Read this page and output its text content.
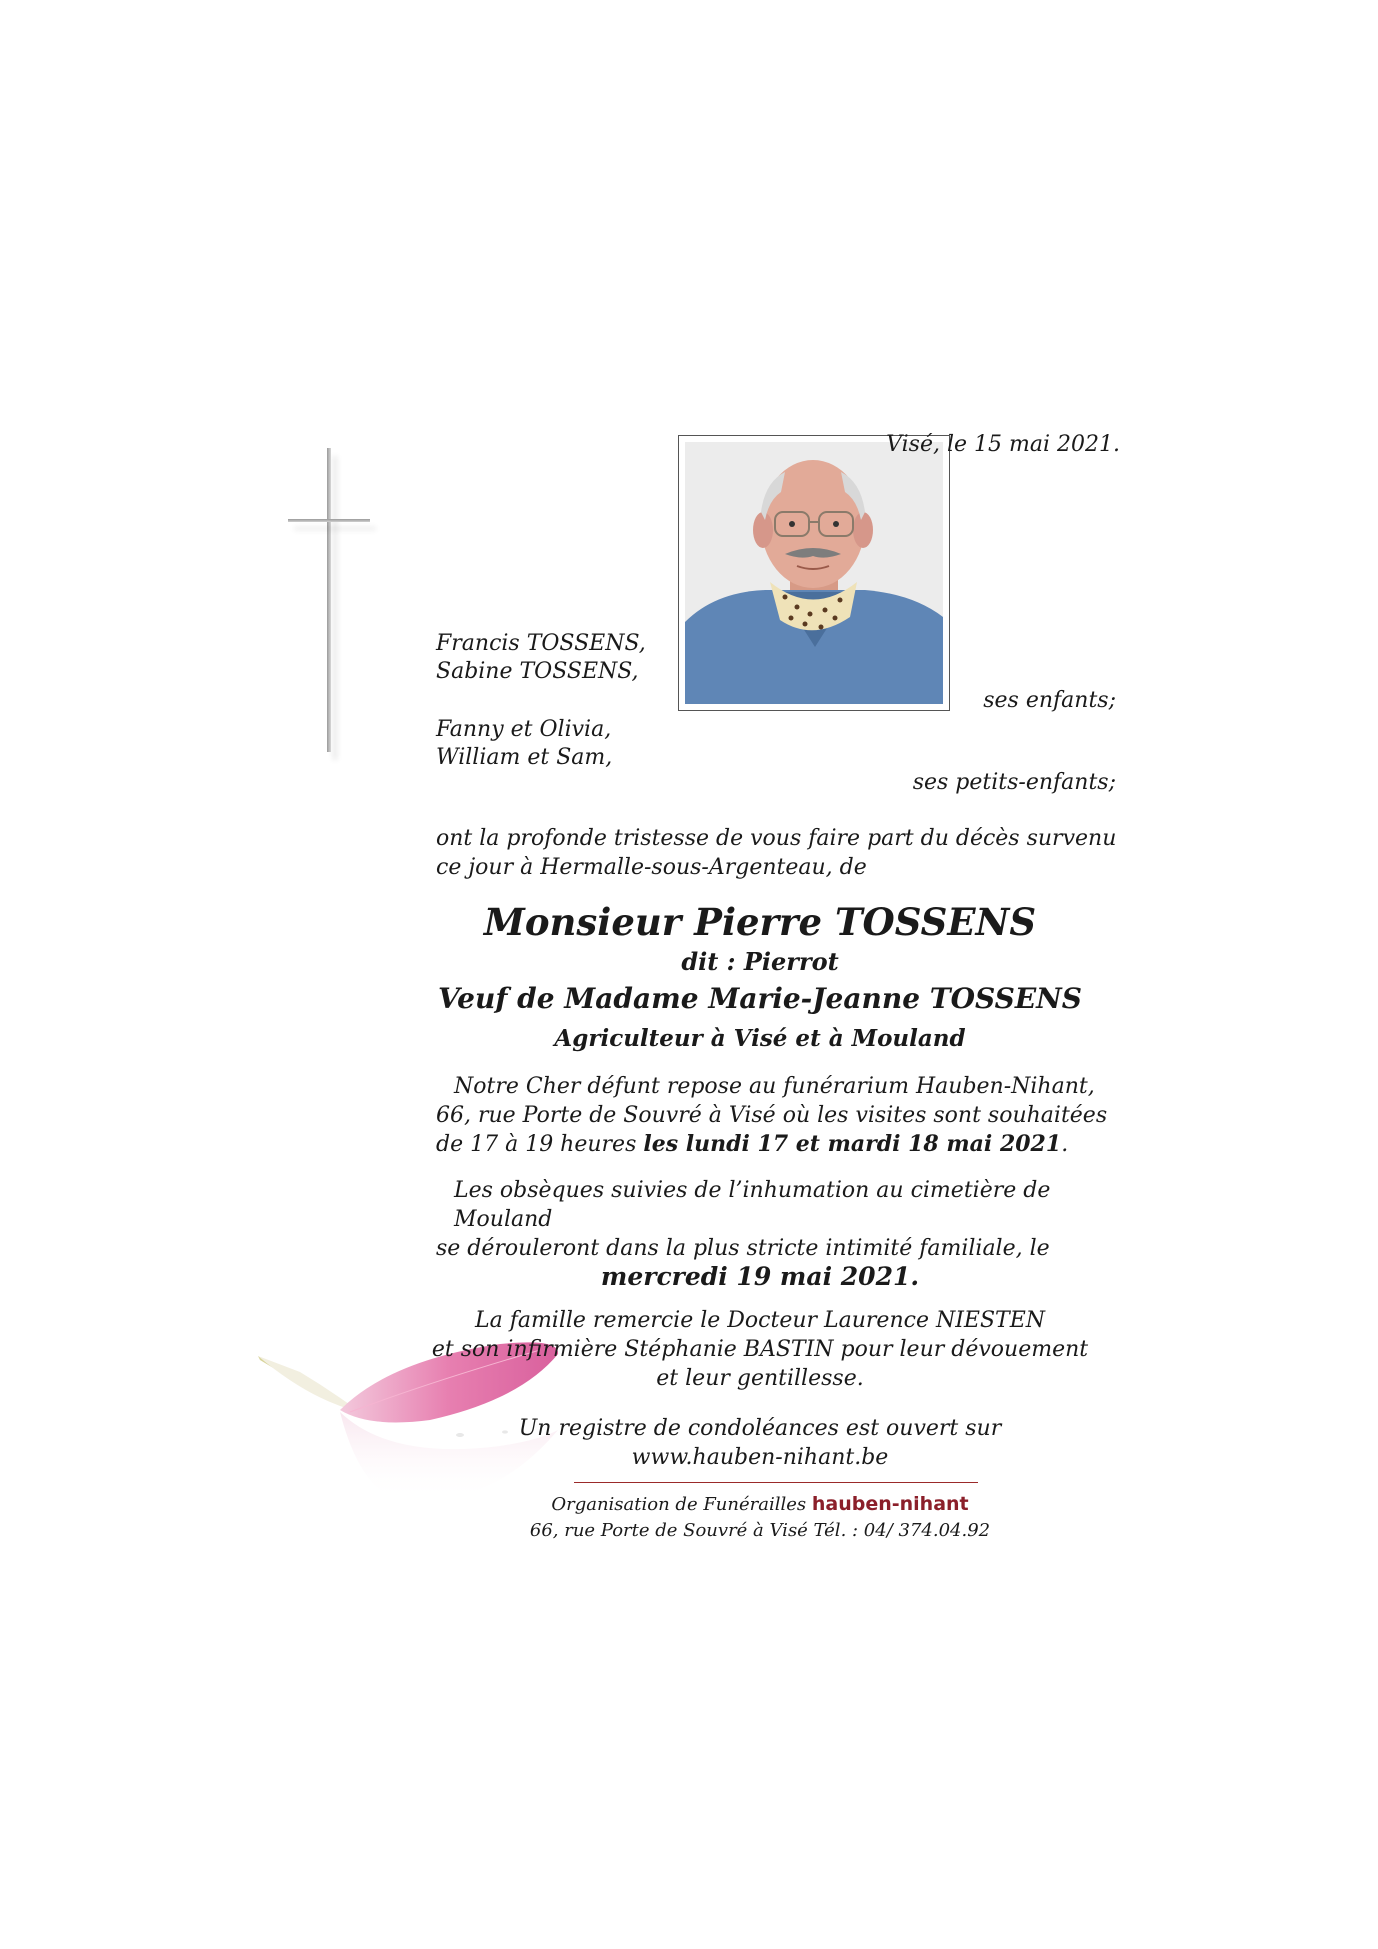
Visé, le 15 mai 2021.
Francis TOSSENS,
Sabine TOSSENS,
ses enfants;
Fanny et Olivia,
William et Sam,
ses petits-enfants;
ont la profonde tristesse de vous faire part du décès survenu
ce jour à Hermalle-sous-Argenteau, de
Monsieur Pierre TOSSENS
dit : Pierrot
Veuf de Madame Marie-Jeanne TOSSENS
Agriculteur à Visé et à Mouland
Notre Cher défunt repose au funérarium Hauben-Nihant,
66, rue Porte de Souvré à Visé où les visites sont souhaitées
de 17 à 19 heures les lundi 17 et mardi 18 mai 2021.
Les obsèques suivies de l’inhumation au cimetière de Mouland
se dérouleront dans la plus stricte intimité familiale, le
mercredi 19 mai 2021.
La famille remercie le Docteur Laurence NIESTEN
et son infirmière Stéphanie BASTIN pour leur dévouement
et leur gentillesse.
Un registre de condoléances est ouvert sur
www.hauben-nihant.be
Organisation de Funérailles hauben-nihant
66, rue Porte de Souvré à Visé Tél. : 04/ 374.04.92
